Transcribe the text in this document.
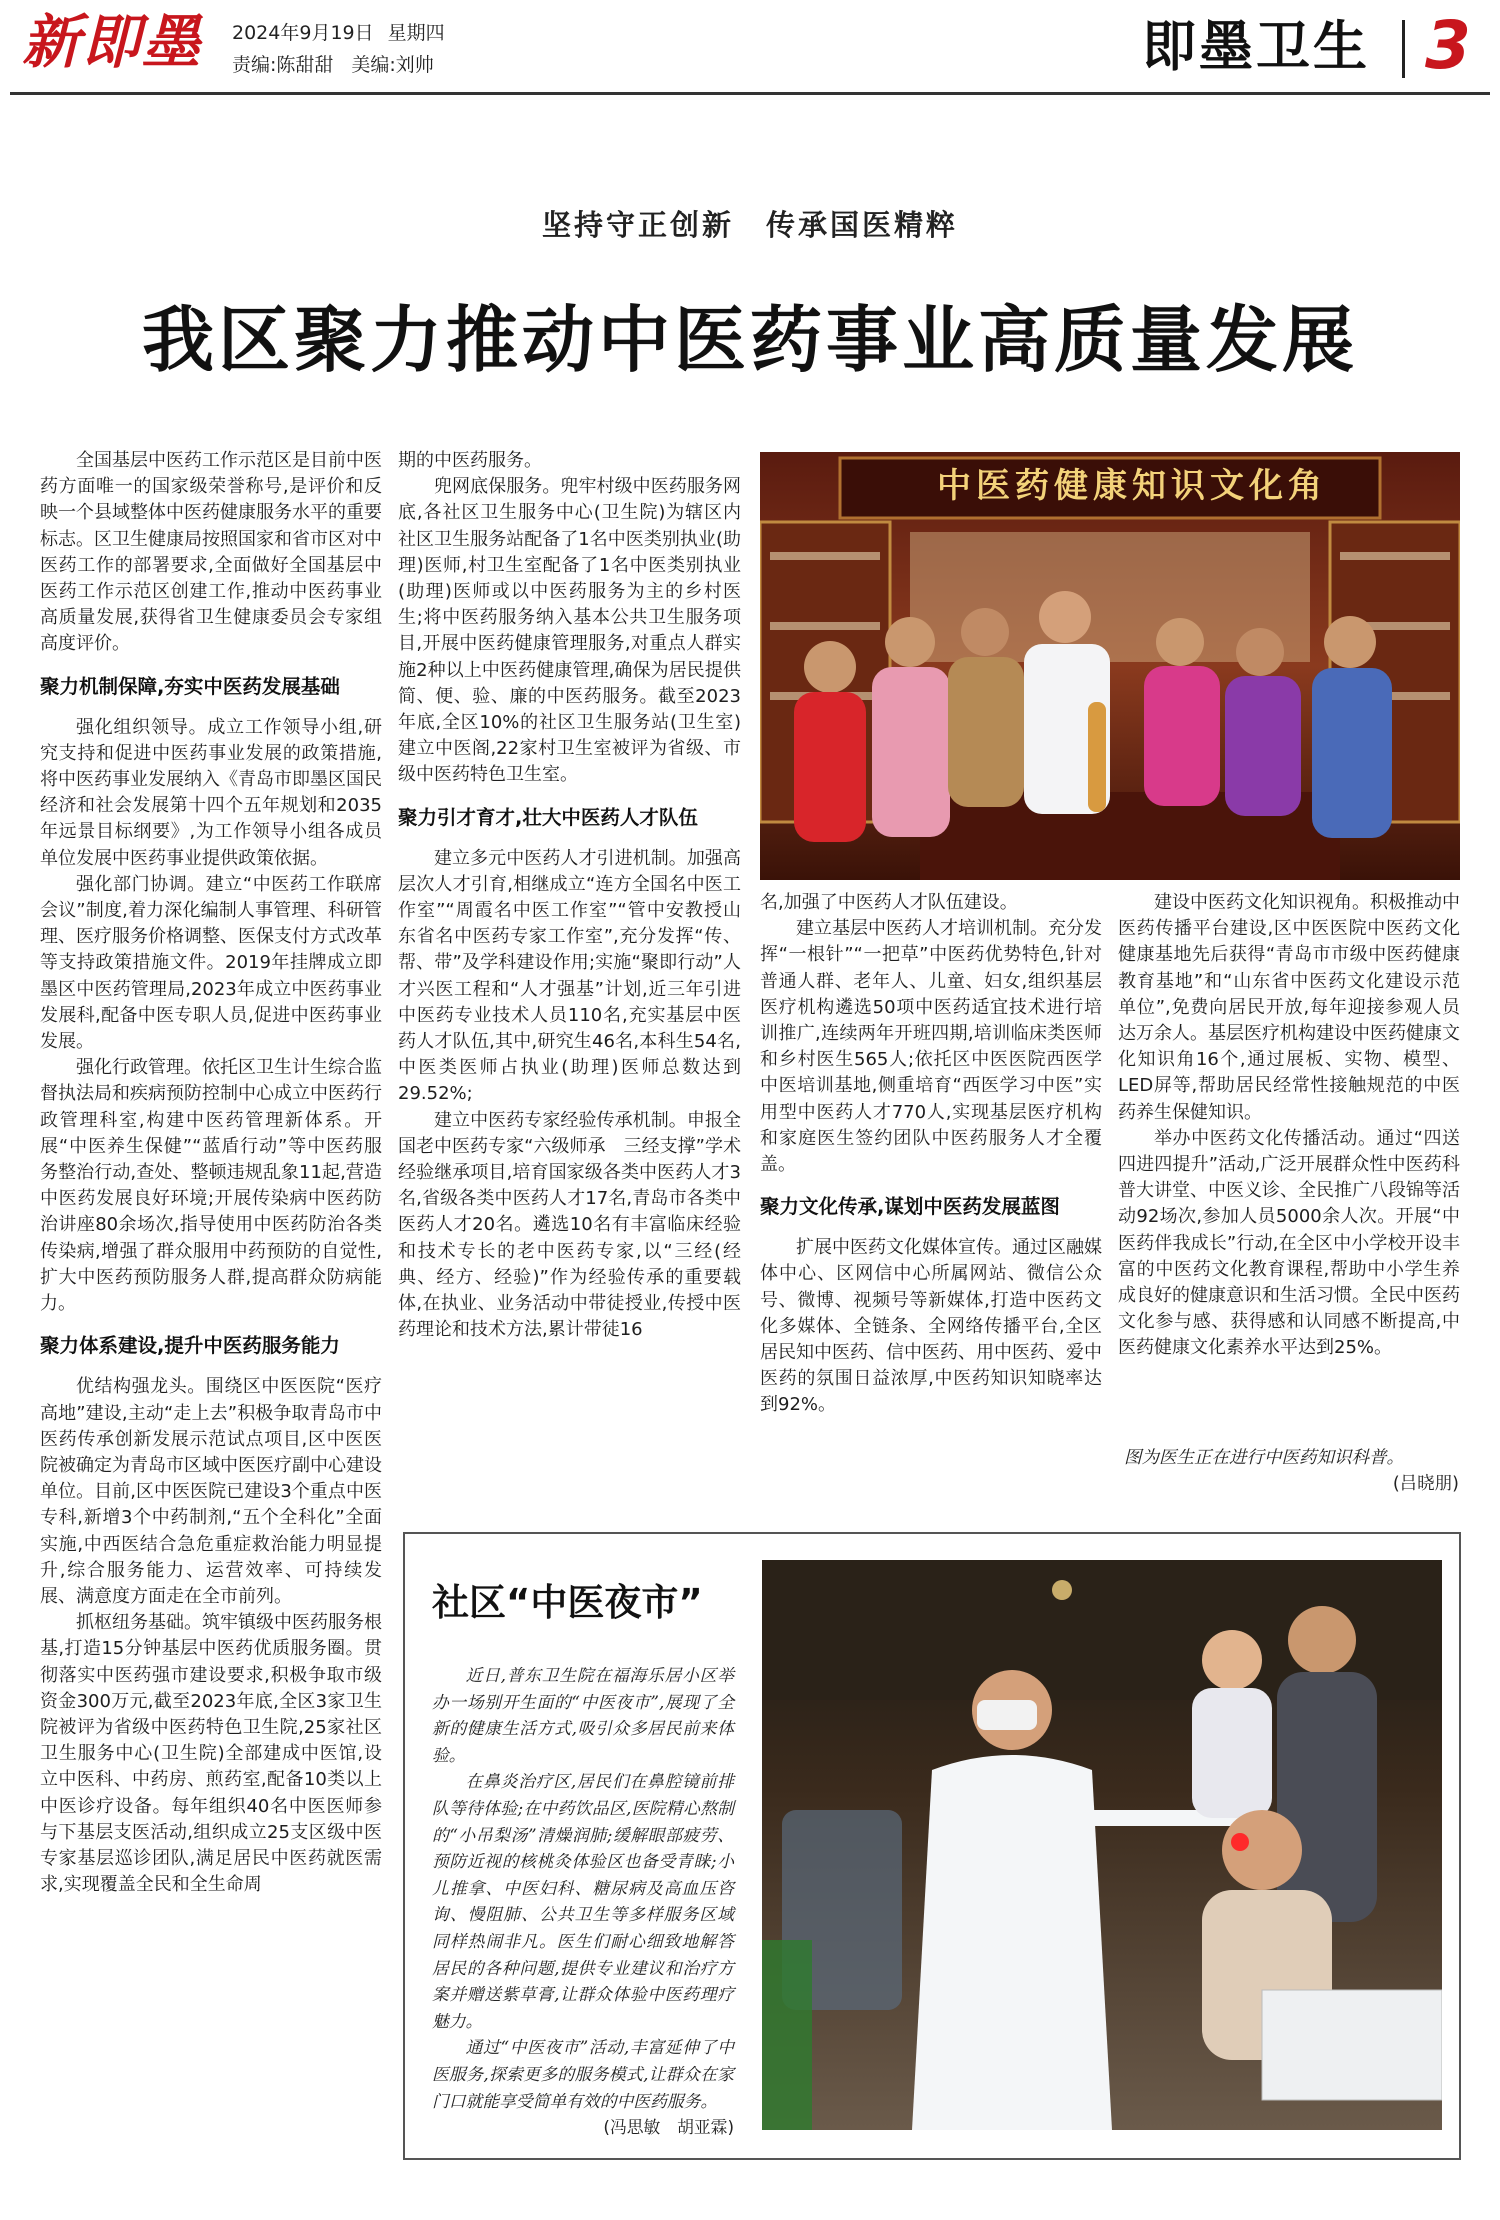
新即墨 2024年9月19日 星期四
责编:陈甜甜 美编:刘帅	即墨卫生 3
坚持守正创新　传承国医精粹
我区聚力推动中医药事业高质量发展

全国基层中医药工作示范区是目前中医药方面唯一的国家级荣誉称号,是评价和反映一个县域整体中医药健康服务水平的重要标志。区卫生健康局按照国家和省市区对中医药工作的部署要求,全面做好全国基层中医药工作示范区创建工作,推动中医药事业高质量发展,获得省卫生健康委员会专家组高度评价。

聚力机制保障,夯实中医药发展基础

强化组织领导。成立工作领导小组,研究支持和促进中医药事业发展的政策措施,将中医药事业发展纳入《青岛市即墨区国民经济和社会发展第十四个五年规划和2035年远景目标纲要》,为工作领导小组各成员单位发展中医药事业提供政策依据。

强化部门协调。建立“中医药工作联席会议”制度,着力深化编制人事管理、科研管理、医疗服务价格调整、医保支付方式改革等支持政策措施文件。2019年挂牌成立即墨区中医药管理局,2023年成立中医药事业发展科,配备中医专职人员,促进中医药事业发展。

强化行政管理。依托区卫生计生综合监督执法局和疾病预防控制中心成立中医药行政管理科室,构建中医药管理新体系。开展“中医养生保健”“蓝盾行动”等中医药服务整治行动,查处、整顿违规乱象11起,营造中医药发展良好环境;开展传染病中医药防治讲座80余场次,指导使用中医药防治各类传染病,增强了群众服用中药预防的自觉性,扩大中医药预防服务人群,提高群众防病能力。

聚力体系建设,提升中医药服务能力

优结构强龙头。围绕区中医医院“医疗高地”建设,主动“走上去”积极争取青岛市中医药传承创新发展示范试点项目,区中医医院被确定为青岛市区域中医医疗副中心建设单位。目前,区中医医院已建设3个重点中医专科,新增3个中药制剂,“五个全科化”全面实施,中西医结合急危重症救治能力明显提升,综合服务能力、运营效率、可持续发展、满意度方面走在全市前列。

抓枢纽务基础。筑牢镇级中医药服务根基,打造15分钟基层中医药优质服务圈。贯彻落实中医药强市建设要求,积极争取市级资金300万元,截至2023年底,全区3家卫生院被评为省级中医药特色卫生院,25家社区卫生服务中心(卫生院)全部建成中医馆,设立中医科、中药房、煎药室,配备10类以上中医诊疗设备。每年组织40名中医医师参与下基层支医活动,组织成立25支区级中医专家基层巡诊团队,满足居民中医药就医需求,实现覆盖全民和全生命周

期的中医药服务。

兜网底保服务。兜牢村级中医药服务网底,各社区卫生服务中心(卫生院)为辖区内社区卫生服务站配备了1名中医类别执业(助理)医师,村卫生室配备了1名中医类别执业(助理)医师或以中医药服务为主的乡村医生;将中医药服务纳入基本公共卫生服务项目,开展中医药健康管理服务,对重点人群实施2种以上中医药健康管理,确保为居民提供简、便、验、廉的中医药服务。截至2023年底,全区10%的社区卫生服务站(卫生室)建立中医阁,22家村卫生室被评为省级、市级中医药特色卫生室。

聚力引才育才,壮大中医药人才队伍

建立多元中医药人才引进机制。加强高层次人才引育,相继成立“连方全国名中医工作室”“周霞名中医工作室”“管中安教授山东省名中医药专家工作室”,充分发挥“传、帮、带”及学科建设作用;实施“聚即行动”人才兴医工程和“人才强基”计划,近三年引进中医药专业技术人员110名,充实基层中医药人才队伍,其中,研究生46名,本科生54名,中医类医师占执业(助理)医师总数达到29.52%;

建立中医药专家经验传承机制。申报全国老中医药专家“六级师承　三经支撑”学术经验继承项目,培育国家级各类中医药人才3名,省级各类中医药人才17名,青岛市各类中医药人才20名。遴选10名有丰富临床经验和技术专长的老中医药专家,以“三经(经典、经方、经验)”作为经验传承的重要载体,在执业、业务活动中带徒授业,传授中医药理论和技术方法,累计带徒16

中医药健康知识文化角

名,加强了中医药人才队伍建设。

建立基层中医药人才培训机制。充分发挥“一根针”“一把草”中医药优势特色,针对普通人群、老年人、儿童、妇女,组织基层医疗机构遴选50项中医药适宜技术进行培训推广,连续两年开班四期,培训临床类医师和乡村医生565人;依托区中医医院西医学中医培训基地,侧重培育“西医学习中医”实用型中医药人才770人,实现基层医疗机构和家庭医生签约团队中医药服务人才全覆盖。

聚力文化传承,谋划中医药发展蓝图

扩展中医药文化媒体宣传。通过区融媒体中心、区网信中心所属网站、微信公众号、微博、视频号等新媒体,打造中医药文化多媒体、全链条、全网络传播平台,全区居民知中医药、信中医药、用中医药、爱中医药的氛围日益浓厚,中医药知识知晓率达到92%。

建设中医药文化知识视角。积极推动中医药传播平台建设,区中医医院中医药文化健康基地先后获得“青岛市市级中医药健康教育基地”和“山东省中医药文化建设示范单位”,免费向居民开放,每年迎接参观人员达万余人。基层医疗机构建设中医药健康文化知识角16个,通过展板、实物、模型、LED屏等,帮助居民经常性接触规范的中医药养生保健知识。

举办中医药文化传播活动。通过“四送四进四提升”活动,广泛开展群众性中医药科普大讲堂、中医义诊、全民推广八段锦等活动92场次,参加人员5000余人次。开展“中医药伴我成长”行动,在全区中小学校开设丰富的中医药文化教育课程,帮助中小学生养成良好的健康意识和生活习惯。全民中医药文化参与感、获得感和认同感不断提高,中医药健康文化素养水平达到25%。

图为医生正在进行中医药知识科普。
(吕晓朋)
社区“中医夜市”

近日,普东卫生院在福海乐居小区举办一场别开生面的“中医夜市”,展现了全新的健康生活方式,吸引众多居民前来体验。

在鼻炎治疗区,居民们在鼻腔镜前排队等待体验;在中药饮品区,医院精心熬制的“小吊梨汤”清燥润肺;缓解眼部疲劳、预防近视的核桃灸体验区也备受青睐;小儿推拿、中医妇科、糖尿病及高血压咨询、慢阻肺、公共卫生等多样服务区域同样热闹非凡。医生们耐心细致地解答居民的各种问题,提供专业建议和治疗方案并赠送紫草膏,让群众体验中医药理疗魅力。

通过“中医夜市”活动,丰富延伸了中医服务,探索更多的服务模式,让群众在家门口就能享受简单有效的中医药服务。

(冯思敏　胡亚霖)
